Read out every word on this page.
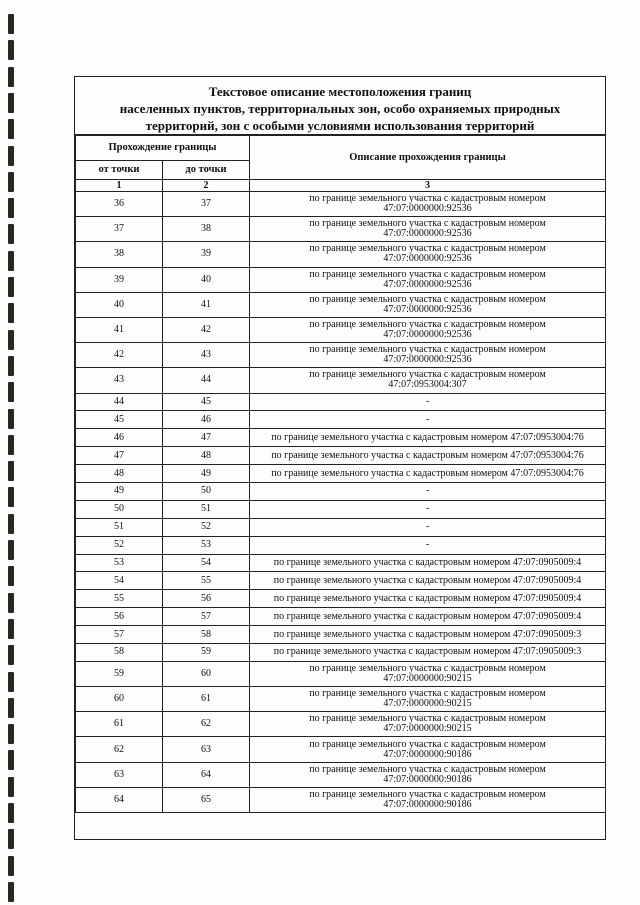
Текстовое описание местоположения границ
населенных пунктов, территориальных зон, особо охраняемых природных
территорий, зон с особыми условиями использования территорий
Прохождение границы		Описание прохождения границы
от точки	до точки	
1	2	3
36	37	по границе земельного участка с кадастровым номером
47:07:0000000:92536

37	38	по границе земельного участка с кадастровым номером
47:07:0000000:92536

38	39	по границе земельного участка с кадастровым номером
47:07:0000000:92536

39	40	по границе земельного участка с кадастровым номером
47:07:0000000:92536

40	41	по границе земельного участка с кадастровым номером
47:07:0000000:92536

41	42	по границе земельного участка с кадастровым номером
47:07:0000000:92536

42	43	по границе земельного участка с кадастровым номером
47:07:0000000:92536

43	44	по границе земельного участка с кадастровым номером
47:07:0953004:307

44	45	-

45	46	-

46	47	по границе земельного участка с кадастровым номером 47:07:0953004:76

47	48	по границе земельного участка с кадастровым номером 47:07:0953004:76

48	49	по границе земельного участка с кадастровым номером 47:07:0953004:76

49	50	-

50	51	-

51	52	-

52	53	-

53	54	по границе земельного участка с кадастровым номером 47:07:0905009:4

54	55	по границе земельного участка с кадастровым номером 47:07:0905009:4

55	56	по границе земельного участка с кадастровым номером 47:07:0905009:4

56	57	по границе земельного участка с кадастровым номером 47:07:0905009:4

57	58	по границе земельного участка с кадастровым номером 47:07:0905009:3

58	59	по границе земельного участка с кадастровым номером 47:07:0905009:3

59	60	по границе земельного участка с кадастровым номером
47:07:0000000:90215

60	61	по границе земельного участка с кадастровым номером
47:07:0000000:90215

61	62	по границе земельного участка с кадастровым номером
47:07:0000000:90215

62	63	по границе земельного участка с кадастровым номером
47:07:0000000:90186

63	64	по границе земельного участка с кадастровым номером
47:07:0000000:90186

64	65	по границе земельного участка с кадастровым номером
47:07:0000000:90186
